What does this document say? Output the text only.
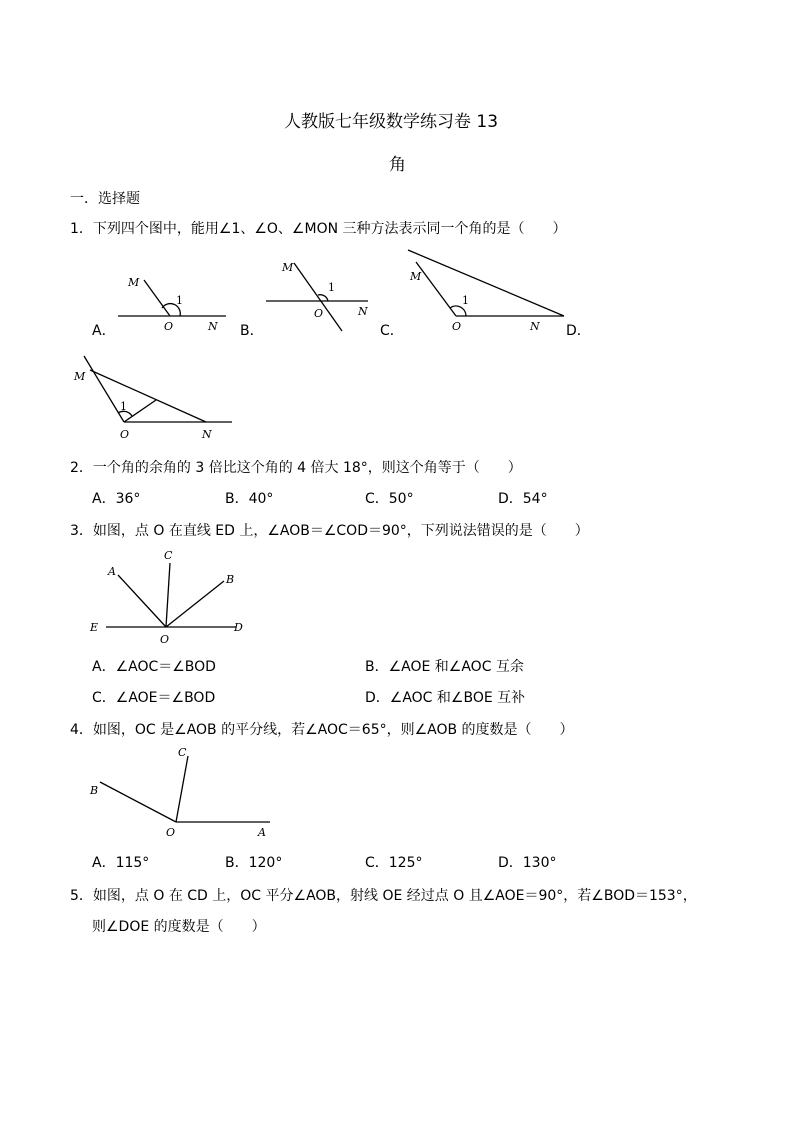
人教版七年级数学练习卷 13
角
一．选择题
1．下列四个图中，能用∠1、∠O、∠MON 三种方法表示同一个角的是（　　）
A．	B．	C．	D．
M
1
O	N
M
1
O	N
M
1
O	N
M
1
O	N
2．一个角的余角的 3 倍比这个角的 4 倍大 18°，则这个角等于（　　）
A．36°	B．40°	C．50°	D．54°
3．如图，点 O 在直线 ED 上，∠AOB＝∠COD＝90°，下列说法错误的是（　　）
E	D
O
C
A
B
A．∠AOC＝∠BOD	B．∠AOE 和∠AOC 互余
C．∠AOE＝∠BOD	D．∠AOC 和∠BOE 互补
4．如图，OC 是∠AOB 的平分线，若∠AOC＝65°，则∠AOB 的度数是（　　）
C
B
O	A
A．115°	B．120°	C．125°	D．130°
5．如图，点 O 在 CD 上，OC 平分∠AOB，射线 OE 经过点 O 且∠AOE＝90°，若∠BOD＝153°，
则∠DOE 的度数是（　　）
